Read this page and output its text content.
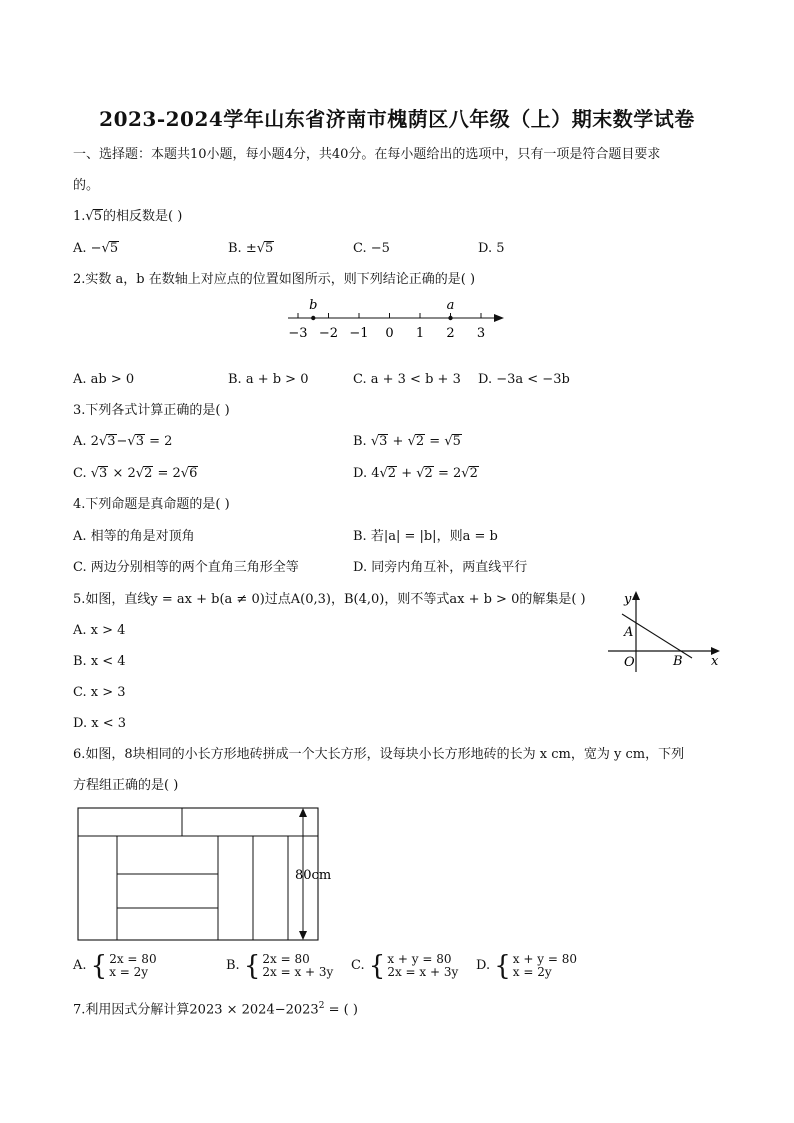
2023-2024学年山东省济南市槐荫区八年级（上）期末数学试卷
一、选择题：本题共10小题，每小题4分，共40分。在每小题给出的选项中，只有一项是符合题目要求
的。
1.√5的相反数是( )
A. −√5	B. ±√5	C. −5	D. 5
2.实数 a，b 在数轴上对应点的位置如图所示，则下列结论正确的是( )
−3 −2 −1 0 1 2 3
b	a
A. ab > 0	B. a + b > 0	C. a + 3 < b + 3 D. −3a < −3b
3.下列各式计算正确的是( )
A. 2√3−√3 = 2	B. √3 + √2 = √5
C. √3 × 2√2 = 2√6	D. 4√2 + √2 = 2√2
4.下列命题是真命题的是( )
A. 相等的角是对顶角	B. 若|a| = |b|，则a = b
C. 两边分别相等的两个直角三角形全等	D. 同旁内角互补，两直线平行
5.如图，直线y = ax + b(a ≠ 0)过点A(0,3)，B(4,0)，则不等式ax + b > 0的解集是( )
A. x > 4
B. x < 4
C. x > 3
D. x < 3
y
x
O
A
B
6.如图，8块相同的小长方形地砖拼成一个大长方形，设每块小长方形地砖的长为 x cm，宽为 y cm，下列
方程组正确的是( )
80cm
A. { 2x = 80
x = 2y	B. { 2x = 80
2x = x + 3y C. { x + y = 80
2x = x + 3y D. { x + y = 80
x = 2y
7.利用因式分解计算$2023 \times 2024-2023^2$ = ( )
